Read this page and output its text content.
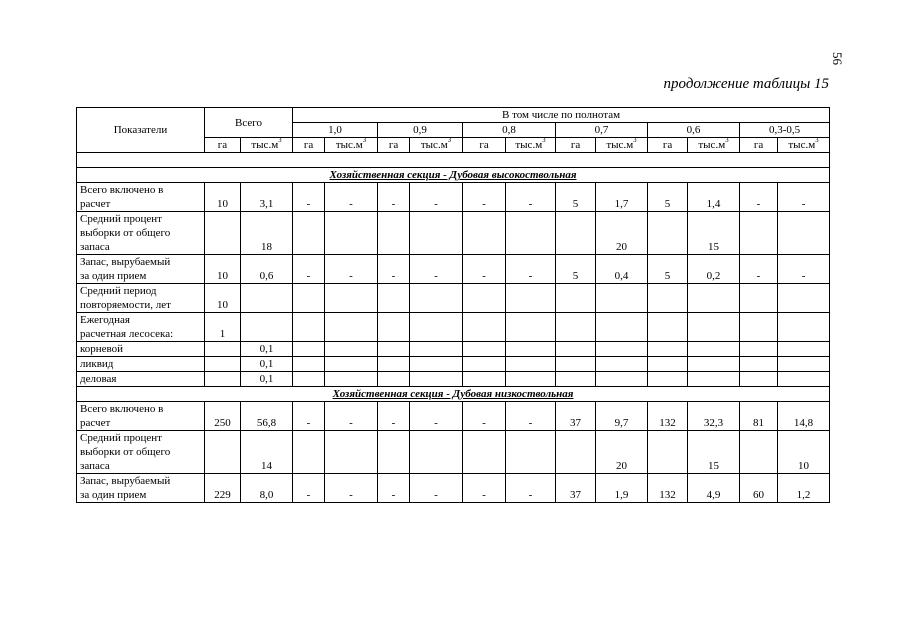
56
продолжение таблицы 15
Показатели	Всего		В том числе по полнотам											
			1,0		0,9		0,8		0,7		0,6		0,3-0,5	
	га	$тыс.м^3$	га	$тыс.м^3$	га	$тыс.м^3$	га	$тыс.м^3$	га	$тыс.м^3$	га	$тыс.м^3$	га	$тыс.м^3$

Хозяйственная секция - Дубовая высокоствольная														

Всего включено в
расчет	10	3,1	-	-	-	-	-	-	5	1,7	5	1,4	-	-

Средний процент
выборки от общего
запаса		18								20		15		

Запас, вырубаемый
за один прием	10	0,6	-	-	-	-	-	-	5	0,4	5	0,2	-	-

Средний период
повторяемости, лет	10													

Ежегодная
расчетная лесосека:	1													

корневой		0,1												

ликвид		0,1												

деловая		0,1												
Хозяйственная секция - Дубовая низкоствольная														

Всего включено в
расчет	250	56,8	-	-	-	-	-	-	37	9,7	132	32,3	81	14,8

Средний процент
выборки от общего
запаса		14								20		15		10

Запас, вырубаемый
за один прием	229	8,0	-	-	-	-	-	-	37	1,9	132	4,9	60	1,2
